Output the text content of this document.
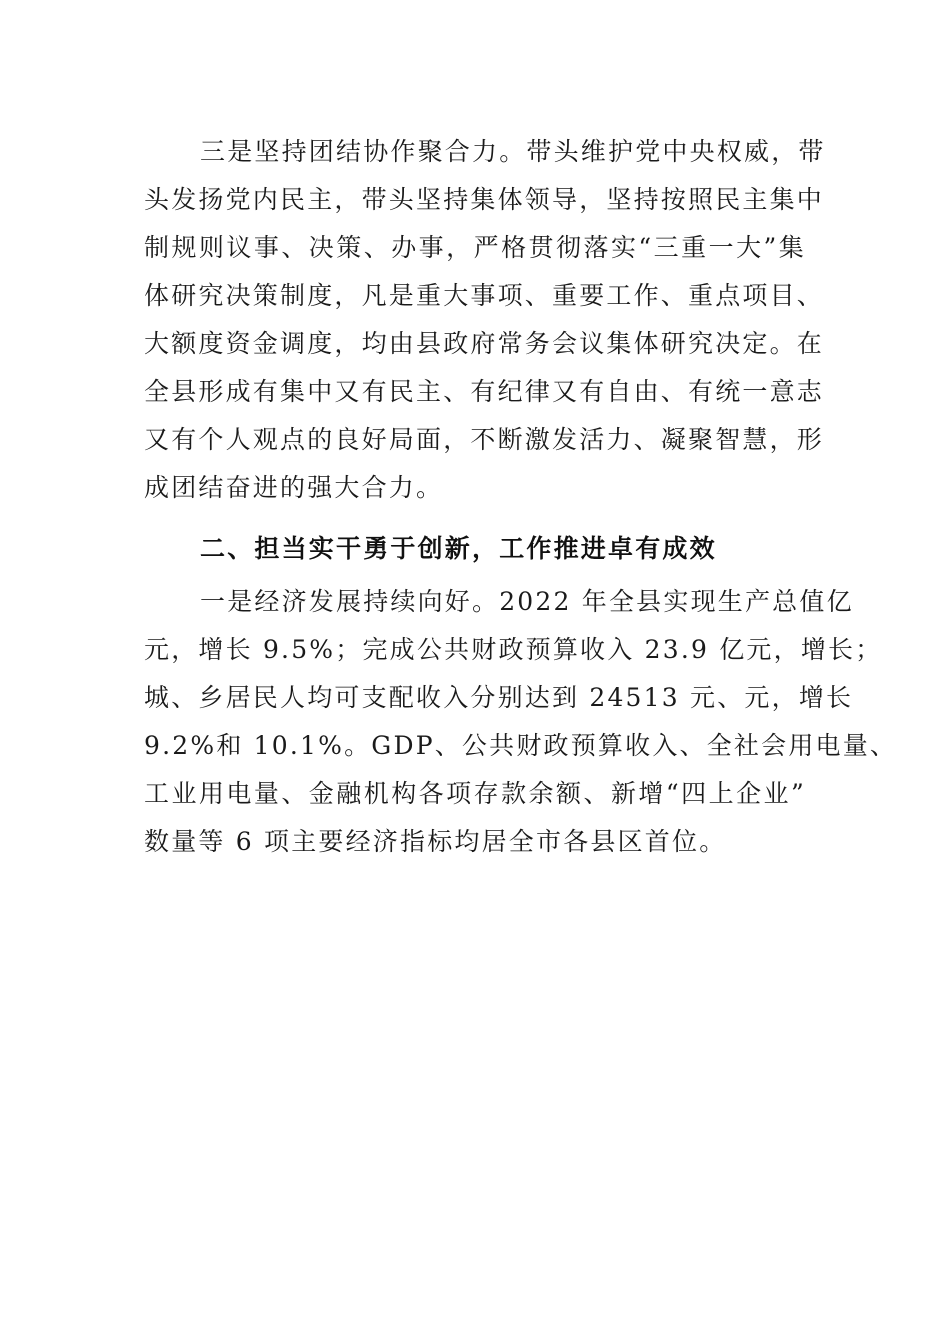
三是坚持团结协作聚合力。带头维护党中央权威，带
头发扬党内民主，带头坚持集体领导，坚持按照民主集中
制规则议事、决策、办事，严格贯彻落实“三重一大”集
体研究决策制度，凡是重大事项、重要工作、重点项目、
大额度资金调度，均由县政府常务会议集体研究决定。在
全县形成有集中又有民主、有纪律又有自由、有统一意志
又有个人观点的良好局面，不断激发活力、凝聚智慧，形
成团结奋进的强大合力。
二、担当实干勇于创新，工作推进卓有成效
一是经济发展持续向好。2022 年全县实现生产总值亿
元，增长 9.5%；完成公共财政预算收入 23.9 亿元，增长；
城、乡居民人均可支配收入分别达到 24513 元、元，增长
9.2%和 10.1%。GDP、公共财政预算收入、全社会用电量、
工业用电量、金融机构各项存款余额、新增“四上企业”
数量等 6 项主要经济指标均居全市各县区首位。
